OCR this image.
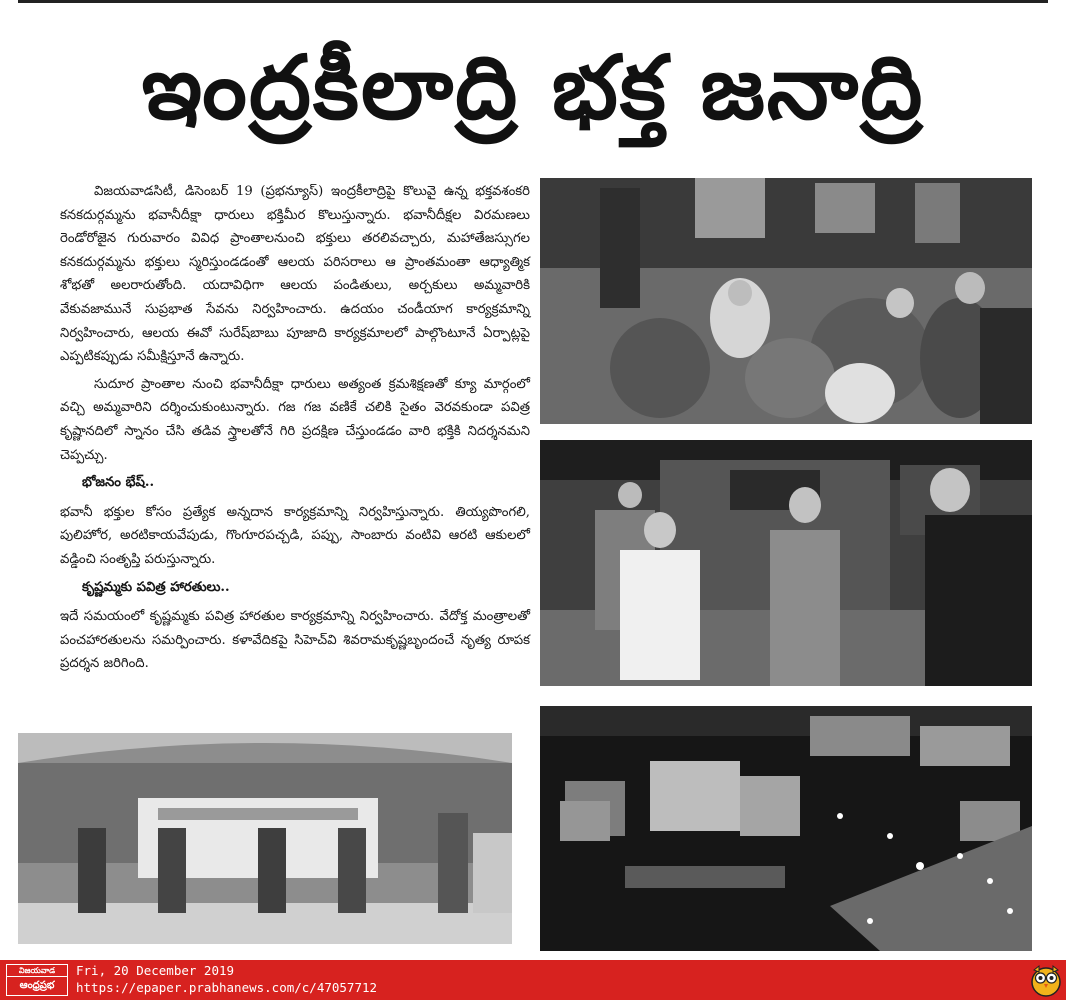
ఇంద్రకీలాద్రి భక్త జనాద్రి

విజయవాడసిటీ, డిసెంబర్ 19 (ప్రభన్యూస్) ఇంద్రకీలాద్రిపై కొలువై ఉన్న భక్తవశంకరి కనకదుర్గమ్మను భవానీదీక్షా ధారులు భక్తిమీర కొలుస్తున్నారు. భవానీదీక్షల విరమణలు రెండోరోజైన గురువారం వివిధ ప్రాంతాలనుంచి భక్తులు తరలివచ్చారు, మహాతేజస్సుగల కనకదుర్గమ్మను భక్తులు స్మరిస్తుండడంతో ఆలయ పరిసరాలు ఆ ప్రాంతమంతా ఆధ్యాత్మిక శోభతో అలరారుతోంది. యదావిధిగా ఆలయ పండితులు, అర్చకులు అమ్మవారికి వేకువజామునే సుప్రభాత సేవను నిర్వహించారు. ఉదయం చండీయాగ కార్యక్రమాన్ని నిర్వహించారు, ఆలయ ఈవో సురేష్‌బాబు పూజాది కార్యక్రమాలలో పాల్గొంటూనే ఏర్పాట్లపై ఎప్పటికప్పుడు సమీక్షిస్తూనే ఉన్నారు.

సుదూర ప్రాంతాల నుంచి భవానీదీక్షా ధారులు అత్యంత క్రమశిక్షణతో క్యూ మార్గంలో వచ్చి అమ్మవారిని దర్శించుకుంటున్నారు. గజ గజ వణికే చలికి సైతం వెరవకుండా పవిత్ర కృష్ణానదిలో స్నానం చేసి తడివ స్త్రాలతోనే గిరి ప్రదక్షిణ చేస్తుండడం వారి భక్తికి నిదర్శనమని చెప్పచ్చు.

భోజనం భేష్..

భవానీ భక్తుల కోసం ప్రత్యేక అన్నదాన కార్యక్రమాన్ని నిర్వహిస్తున్నారు. తియ్యపొంగలి, పులిహోర, అరటికాయవేపుడు, గొంగూరపచ్చడి, పప్పు, సాంబారు వంటివి ఆరటి ఆకులలో వడ్డించి సంతృప్తి పరుస్తున్నారు.

కృష్ణమ్మకు పవిత్ర హారతులు..

ఇదే సమయంలో కృష్ణమ్మకు పవిత్ర హారతుల కార్యక్రమాన్ని నిర్వహించారు. వేదోక్త మంత్రాలతో పంచహారతులను సమర్పించారు. కళావేదికపై సిహెచ్‌వి శివరామకృష్ణబృందంచే నృత్య రూపక ప్రదర్శన జరిగింది.

విజయవాడ
ఆంధ్రప్రభ
Fri, 20 December 2019
https://epaper.prabhanews.com/c/47057712
